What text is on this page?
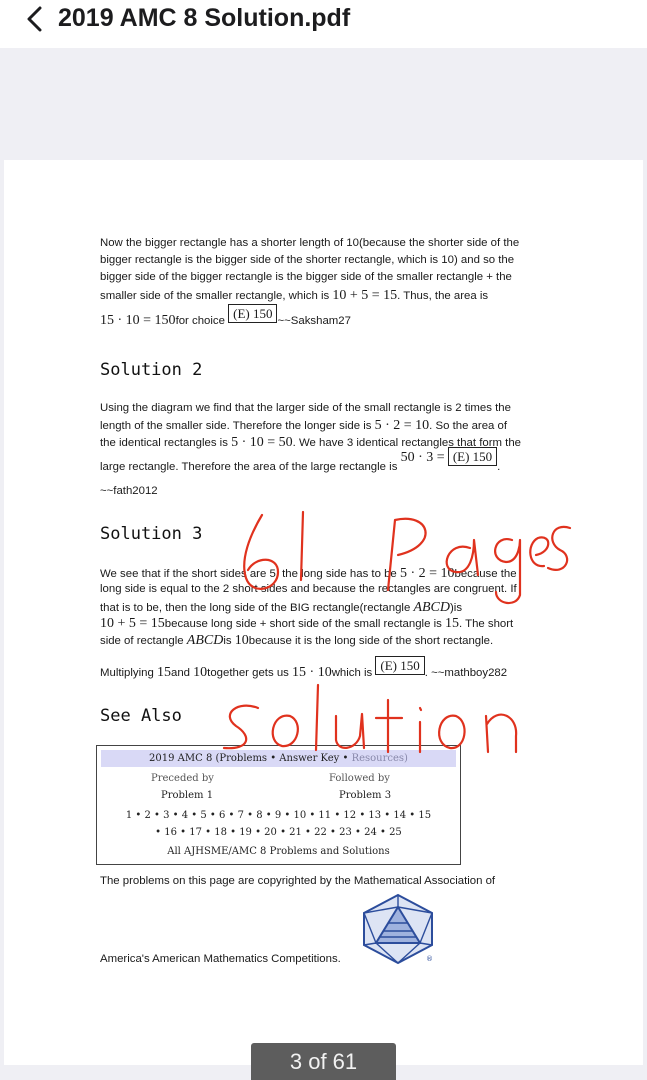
2019 AMC 8 Solution.pdf
Now the bigger rectangle has a shorter length of 10(because the shorter side of the
bigger rectangle is the bigger side of the shorter rectangle, which is 10) and so the
bigger side of the bigger rectangle is the bigger side of the smaller rectangle + the
smaller side of the smaller rectangle, which is 10 + 5 = 15. Thus, the area is
15 · 10 = 150for choice (E) 150 ~~Saksham27
Solution 2
Using the diagram we find that the larger side of the small rectangle is 2 times the
length of the smaller side. Therefore the longer side is 5 · 2 = 10. So the area of
the identical rectangles is 5 · 10 = 50. We have 3 identical rectangles that form the
large rectangle. Therefore the area of the large rectangle is 50 · 3 = (E) 150.
~~fath2012
Solution 3
We see that if the short sides are 5, the long side has to be 5 · 2 = 10because the
long side is equal to the 2 short sides and because the rectangles are congruent. If
that is to be, then the long side of the BIG rectangle(rectangle ABCD)is
10 + 5 = 15because long side + short side of the small rectangle is 15. The short
side of rectangle ABCDis 10because it is the long side of the short rectangle.
Multiplying 15and 10together gets us 15 · 10which is (E) 150 . ~~mathboy282
See Also
2019 AMC 8 (Problems • Answer Key • Resources)
Preceded by
Problem 1
Followed by
Problem 3
1 • 2 • 3 • 4 • 5 • 6 • 7 • 8 • 9 • 10 • 11 • 12 • 13 • 14 • 15
• 16 • 17 • 18 • 19 • 20 • 21 • 22 • 23 • 24 • 25
All AJHSME/AMC 8 Problems and Solutions
The problems on this page are copyrighted by the Mathematical Association of
America's American Mathematics Competitions.	®
3 of 61
